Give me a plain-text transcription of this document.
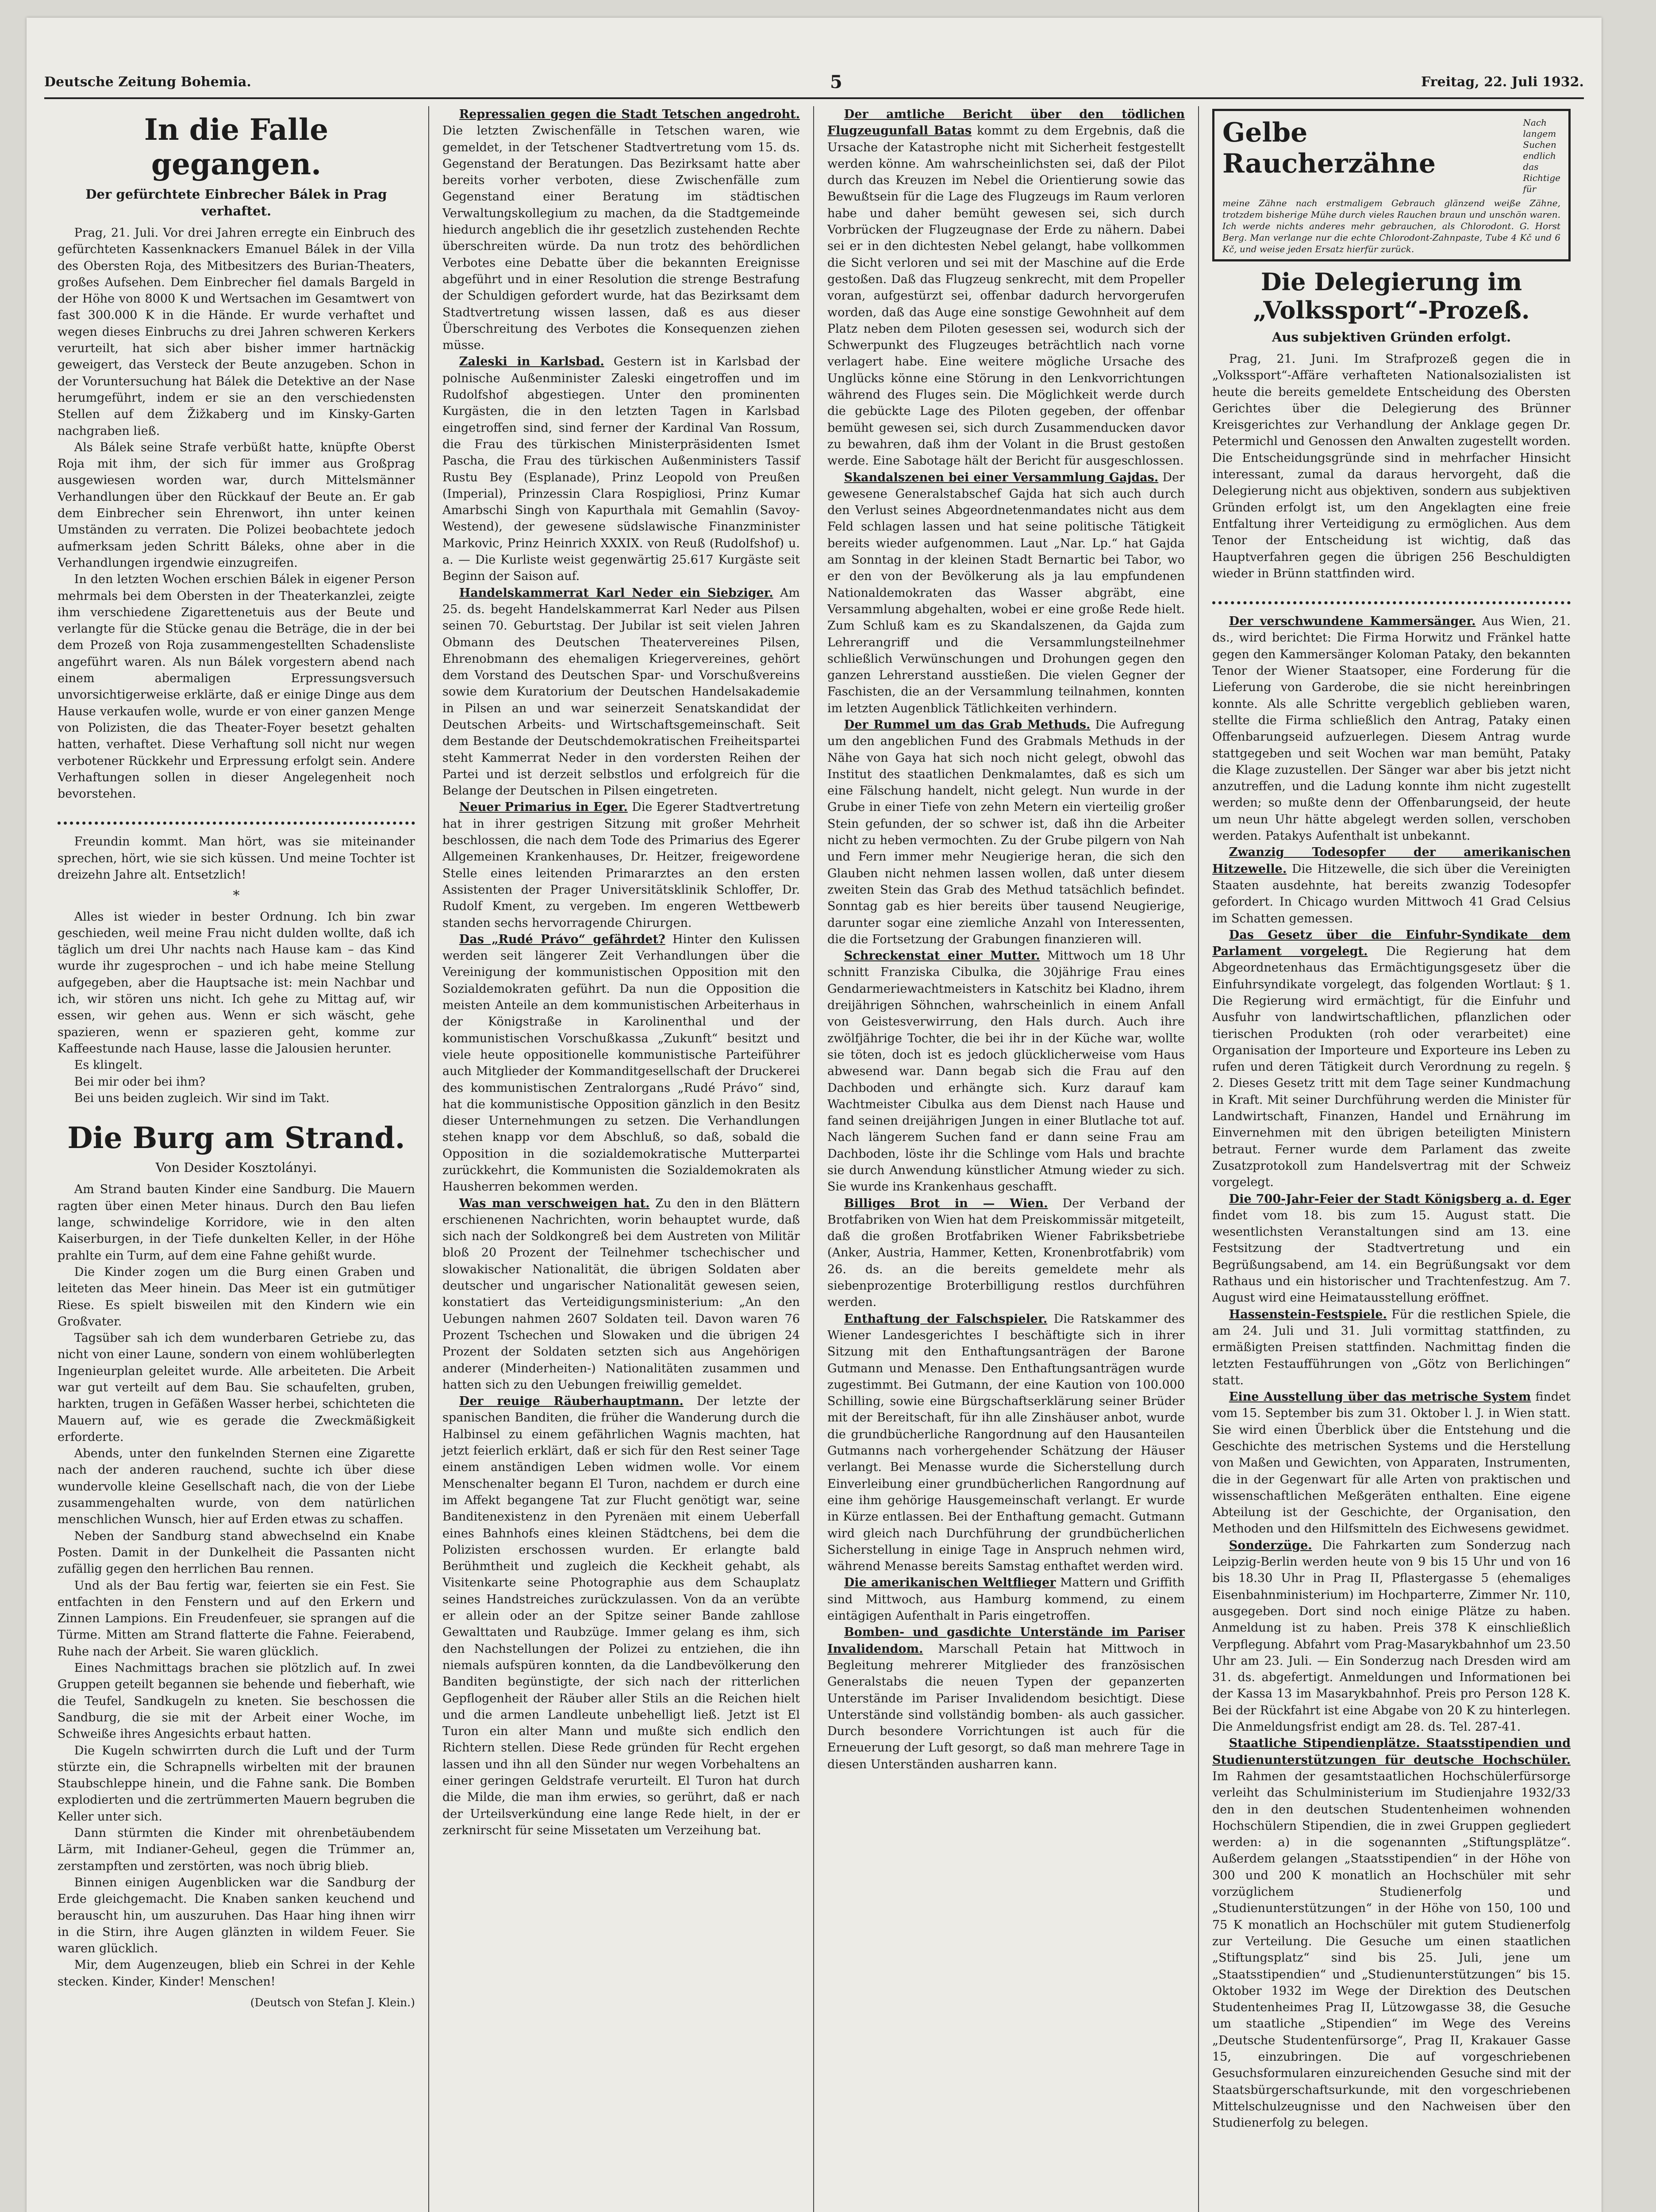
Deutsche Zeitung Bohemia.	5	Freitag, 22. Juli 1932.
In die Falle gegangen.
Der gefürchtete Einbrecher Bálek in Prag verhaftet.

Prag, 21. Juli. Vor drei Jahren erregte ein Einbruch des gefürchteten Kassenknackers Emanuel Bálek in der Villa des Obersten Roja, des Mitbesitzers des Burian-Theaters, großes Aufsehen. Dem Einbrecher fiel damals Bargeld in der Höhe von 8000 K und Wertsachen im Gesamtwert von fast 300.000 K in die Hände. Er wurde verhaftet und wegen dieses Einbruchs zu drei Jahren schweren Kerkers verurteilt, hat sich aber bisher immer hartnäckig geweigert, das Versteck der Beute anzugeben. Schon in der Voruntersuchung hat Bálek die Detektive an der Nase herumgeführt, indem er sie an den verschiedensten Stellen auf dem Žižkaberg und im Kinsky-Garten nachgraben ließ.

Als Bálek seine Strafe verbüßt hatte, knüpfte Oberst Roja mit ihm, der sich für immer aus Großprag ausgewiesen worden war, durch Mittelsmänner Verhandlungen über den Rückkauf der Beute an. Er gab dem Einbrecher sein Ehrenwort, ihn unter keinen Umständen zu verraten. Die Polizei beobachtete jedoch aufmerksam jeden Schritt Báleks, ohne aber in die Verhandlungen irgendwie einzugreifen.

In den letzten Wochen erschien Bálek in eigener Person mehrmals bei dem Obersten in der Theaterkanzlei, zeigte ihm verschiedene Zigarettenetuis aus der Beute und verlangte für die Stücke genau die Beträge, die in der bei dem Prozeß von Roja zusammengestellten Schadensliste angeführt waren. Als nun Bálek vorgestern abend nach einem abermaligen Erpressungsversuch unvorsichtigerweise erklärte, daß er einige Dinge aus dem Hause verkaufen wolle, wurde er von einer ganzen Menge von Polizisten, die das Theater-Foyer besetzt gehalten hatten, verhaftet. Diese Verhaftung soll nicht nur wegen verbotener Rückkehr und Erpressung erfolgt sein. Andere Verhaftungen sollen in dieser Angelegenheit noch bevorstehen.

Freundin kommt. Man hört, was sie miteinander sprechen, hört, wie sie sich küssen. Und meine Tochter ist dreizehn Jahre alt. Entsetzlich!

*

Alles ist wieder in bester Ordnung. Ich bin zwar geschieden, weil meine Frau nicht dulden wollte, daß ich täglich um drei Uhr nachts nach Hause kam – das Kind wurde ihr zugesprochen – und ich habe meine Stellung aufgegeben, aber die Hauptsache ist: mein Nachbar und ich, wir stören uns nicht. Ich gehe zu Mittag auf, wir essen, wir gehen aus. Wenn er sich wäscht, gehe spazieren, wenn er spazieren geht, komme zur Kaffeestunde nach Hause, lasse die Jalousien herunter.

Es klingelt.

Bei mir oder bei ihm?

Bei uns beiden zugleich. Wir sind im Takt.

Die Burg am Strand.
Von Desider Kosztolányi.

Am Strand bauten Kinder eine Sandburg. Die Mauern ragten über einen Meter hinaus. Durch den Bau liefen lange, schwindelige Korridore, wie in den alten Kaiserburgen, in der Tiefe dunkelten Keller, in der Höhe prahlte ein Turm, auf dem eine Fahne gehißt wurde.

Die Kinder zogen um die Burg einen Graben und leiteten das Meer hinein. Das Meer ist ein gutmütiger Riese. Es spielt bisweilen mit den Kindern wie ein Großvater.

Tagsüber sah ich dem wunderbaren Getriebe zu, das nicht von einer Laune, sondern von einem wohlüberlegten Ingenieurplan geleitet wurde. Alle arbeiteten. Die Arbeit war gut verteilt auf dem Bau. Sie schaufelten, gruben, harkten, trugen in Gefäßen Wasser herbei, schichteten die Mauern auf, wie es gerade die Zweckmäßigkeit erforderte.

Abends, unter den funkelnden Sternen eine Zigarette nach der anderen rauchend, suchte ich über diese wundervolle kleine Gesellschaft nach, die von der Liebe zusammengehalten wurde, von dem natürlichen menschlichen Wunsch, hier auf Erden etwas zu schaffen.

Neben der Sandburg stand abwechselnd ein Knabe Posten. Damit in der Dunkelheit die Passanten nicht zufällig gegen den herrlichen Bau rennen.

Und als der Bau fertig war, feierten sie ein Fest. Sie entfachten in den Fenstern und auf den Erkern und Zinnen Lampions. Ein Freudenfeuer, sie sprangen auf die Türme. Mitten am Strand flatterte die Fahne. Feierabend, Ruhe nach der Arbeit. Sie waren glücklich.

Eines Nachmittags brachen sie plötzlich auf. In zwei Gruppen geteilt begannen sie behende und fieberhaft, wie die Teufel, Sandkugeln zu kneten. Sie beschossen die Sandburg, die sie mit der Arbeit einer Woche, im Schweiße ihres Angesichts erbaut hatten.

Die Kugeln schwirrten durch die Luft und der Turm stürzte ein, die Schrapnells wirbelten mit der braunen Staubschleppe hinein, und die Fahne sank. Die Bomben explodierten und die zertrümmerten Mauern begruben die Keller unter sich.

Dann stürmten die Kinder mit ohrenbetäubendem Lärm, mit Indianer-Geheul, gegen die Trümmer an, zerstampften und zerstörten, was noch übrig blieb.

Binnen einigen Augenblicken war die Sandburg der Erde gleichgemacht. Die Knaben sanken keuchend und berauscht hin, um auszuruhen. Das Haar hing ihnen wirr in die Stirn, ihre Augen glänzten in wildem Feuer. Sie waren glücklich.

Mir, dem Augenzeugen, blieb ein Schrei in der Kehle stecken. Kinder, Kinder! Menschen!

(Deutsch von Stefan J. Klein.)

Repressalien gegen die Stadt Tetschen angedroht. Die letzten Zwischenfälle in Tetschen waren, wie gemeldet, in der Tetschener Stadtvertretung vom 15. ds. Gegenstand der Beratungen. Das Bezirksamt hatte aber bereits vorher verboten, diese Zwischenfälle zum Gegenstand einer Beratung im städtischen Verwaltungskollegium zu machen, da die Stadtgemeinde hiedurch angeblich die ihr gesetzlich zustehenden Rechte überschreiten würde. Da nun trotz des behördlichen Verbotes eine Debatte über die bekannten Ereignisse abgeführt und in einer Resolution die strenge Bestrafung der Schuldigen gefordert wurde, hat das Bezirksamt dem Stadtvertretung wissen lassen, daß es aus dieser Überschreitung des Verbotes die Konsequenzen ziehen müsse.

Zaleski in Karlsbad. Gestern ist in Karlsbad der polnische Außenminister Zaleski eingetroffen und im Rudolfshof abgestiegen. Unter den prominenten Kurgästen, die in den letzten Tagen in Karlsbad eingetroffen sind, sind ferner der Kardinal Van Rossum, die Frau des türkischen Ministerpräsidenten Ismet Pascha, die Frau des türkischen Außenministers Tassif Rustu Bey (Esplanade), Prinz Leopold von Preußen (Imperial), Prinzessin Clara Rospigliosi, Prinz Kumar Amarbschi Singh von Kapurthala mit Gemahlin (Savoy-Westend), der gewesene südslawische Finanzminister Markovic, Prinz Heinrich XXXIX. von Reuß (Rudolfshof) u. a. — Die Kurliste weist gegenwärtig 25.617 Kurgäste seit Beginn der Saison auf.

Handelskammerrat Karl Neder ein Siebziger. Am 25. ds. begeht Handelskammerrat Karl Neder aus Pilsen seinen 70. Geburtstag. Der Jubilar ist seit vielen Jahren Obmann des Deutschen Theatervereines Pilsen, Ehrenobmann des ehemaligen Kriegervereines, gehört dem Vorstand des Deutschen Spar- und Vorschußvereins sowie dem Kuratorium der Deutschen Handelsakademie in Pilsen an und war seinerzeit Senatskandidat der Deutschen Arbeits- und Wirtschaftsgemeinschaft. Seit dem Bestande der Deutschdemokratischen Freiheitspartei steht Kammerrat Neder in den vordersten Reihen der Partei und ist derzeit selbstlos und erfolgreich für die Belange der Deutschen in Pilsen eingetreten.

Neuer Primarius in Eger. Die Egerer Stadtvertretung hat in ihrer gestrigen Sitzung mit großer Mehrheit beschlossen, die nach dem Tode des Primarius des Egerer Allgemeinen Krankenhauses, Dr. Heitzer, freigewordene Stelle eines leitenden Primararztes an den ersten Assistenten der Prager Universitätsklinik Schloffer, Dr. Rudolf Kment, zu vergeben. Im engeren Wettbewerb standen sechs hervorragende Chirurgen.

Das „Rudé Právo“ gefährdet? Hinter den Kulissen werden seit längerer Zeit Verhandlungen über die Vereinigung der kommunistischen Opposition mit den Sozialdemokraten geführt. Da nun die Opposition die meisten Anteile an dem kommunistischen Arbeiterhaus in der Königstraße in Karolinenthal und der kommunistischen Vorschußkassa „Zukunft“ besitzt und viele heute oppositionelle kommunistische Parteiführer auch Mitglieder der Kommanditgesellschaft der Druckerei des kommunistischen Zentralorgans „Rudé Právo“ sind, hat die kommunistische Opposition gänzlich in den Besitz dieser Unternehmungen zu setzen. Die Verhandlungen stehen knapp vor dem Abschluß, so daß, sobald die Opposition in die sozialdemokratische Mutterpartei zurückkehrt, die Kommunisten die Sozialdemokraten als Hausherren bekommen werden.

Was man verschweigen hat. Zu den in den Blättern erschienenen Nachrichten, worin behauptet wurde, daß sich nach der Soldkongreß bei dem Austreten von Militär bloß 20 Prozent der Teilnehmer tschechischer und slowakischer Nationalität, die übrigen Soldaten aber deutscher und ungarischer Nationalität gewesen seien, konstatiert das Verteidigungsministerium: „An den Uebungen nahmen 2607 Soldaten teil. Davon waren 76 Prozent Tschechen und Slowaken und die übrigen 24 Prozent der Soldaten setzten sich aus Angehörigen anderer (Minderheiten-) Nationalitäten zusammen und hatten sich zu den Uebungen freiwillig gemeldet.

Der reuige Räuberhauptmann. Der letzte der spanischen Banditen, die früher die Wanderung durch die Halbinsel zu einem gefährlichen Wagnis machten, hat jetzt feierlich erklärt, daß er sich für den Rest seiner Tage einem anständigen Leben widmen wolle. Vor einem Menschenalter begann El Turon, nachdem er durch eine im Affekt begangene Tat zur Flucht genötigt war, seine Banditenexistenz in den Pyrenäen mit einem Ueberfall eines Bahnhofs eines kleinen Städtchens, bei dem die Polizisten erschossen wurden. Er erlangte bald Berühmtheit und zugleich die Keckheit gehabt, als Visitenkarte seine Photographie aus dem Schauplatz seines Handstreiches zurückzulassen. Von da an verübte er allein oder an der Spitze seiner Bande zahllose Gewalttaten und Raubzüge. Immer gelang es ihm, sich den Nachstellungen der Polizei zu entziehen, die ihn niemals aufspüren konnten, da die Landbevölkerung den Banditen begünstigte, der sich nach der ritterlichen Gepflogenheit der Räuber aller Stils an die Reichen hielt und die armen Landleute unbehelligt ließ. Jetzt ist El Turon ein alter Mann und mußte sich endlich den Richtern stellen. Diese Rede gründen für Recht ergehen lassen und ihn all den Sünder nur wegen Vorbehaltens an einer geringen Geldstrafe verurteilt. El Turon hat durch die Milde, die man ihm erwies, so gerührt, daß er nach der Urteilsverkündung eine lange Rede hielt, in der er zerknirscht für seine Missetaten um Verzeihung bat.

Der amtliche Bericht über den tödlichen Flugzeugunfall Batas kommt zu dem Ergebnis, daß die Ursache der Katastrophe nicht mit Sicherheit festgestellt werden könne. Am wahrscheinlichsten sei, daß der Pilot durch das Kreuzen im Nebel die Orientierung sowie das Bewußtsein für die Lage des Flugzeugs im Raum verloren habe und daher bemüht gewesen sei, sich durch Vorbrücken der Flugzeugnase der Erde zu nähern. Dabei sei er in den dichtesten Nebel gelangt, habe vollkommen die Sicht verloren und sei mit der Maschine auf die Erde gestoßen. Daß das Flugzeug senkrecht, mit dem Propeller voran, aufgestürzt sei, offenbar dadurch hervorgerufen worden, daß das Auge eine sonstige Gewohnheit auf dem Platz neben dem Piloten gesessen sei, wodurch sich der Schwerpunkt des Flugzeuges beträchtlich nach vorne verlagert habe. Eine weitere mögliche Ursache des Unglücks könne eine Störung in den Lenkvorrichtungen während des Fluges sein. Die Möglichkeit werde durch die gebückte Lage des Piloten gegeben, der offenbar bemüht gewesen sei, sich durch Zusammenducken davor zu bewahren, daß ihm der Volant in die Brust gestoßen werde. Eine Sabotage hält der Bericht für ausgeschlossen.

Skandalszenen bei einer Versammlung Gajdas. Der gewesene Generalstabschef Gajda hat sich auch durch den Verlust seines Abgeordnetenmandates nicht aus dem Feld schlagen lassen und hat seine politische Tätigkeit bereits wieder aufgenommen. Laut „Nar. Lp.“ hat Gajda am Sonntag in der kleinen Stadt Bernartic bei Tabor, wo er den von der Bevölkerung als ja lau empfundenen Nationaldemokraten das Wasser abgräbt, eine Versammlung abgehalten, wobei er eine große Rede hielt. Zum Schluß kam es zu Skandalszenen, da Gajda zum Lehrerangriff und die Versammlungsteilnehmer schließlich Verwünschungen und Drohungen gegen den ganzen Lehrerstand ausstießen. Die vielen Gegner der Faschisten, die an der Versammlung teilnahmen, konnten im letzten Augenblick Tätlichkeiten verhindern.

Der Rummel um das Grab Methuds. Die Aufregung um den angeblichen Fund des Grabmals Methuds in der Nähe von Gaya hat sich noch nicht gelegt, obwohl das Institut des staatlichen Denkmalamtes, daß es sich um eine Fälschung handelt, nicht gelegt. Nun wurde in der Grube in einer Tiefe von zehn Metern ein vierteilig großer Stein gefunden, der so schwer ist, daß ihn die Arbeiter nicht zu heben vermochten. Zu der Grube pilgern von Nah und Fern immer mehr Neugierige heran, die sich den Glauben nicht nehmen lassen wollen, daß unter diesem zweiten Stein das Grab des Methud tatsächlich befindet. Sonntag gab es hier bereits über tausend Neugierige, darunter sogar eine ziemliche Anzahl von Interessenten, die die Fortsetzung der Grabungen finanzieren will.

Schreckenstat einer Mutter. Mittwoch um 18 Uhr schnitt Franziska Cibulka, die 30jährige Frau eines Gendarmeriewachtmeisters in Katschitz bei Kladno, ihrem dreijährigen Söhnchen, wahrscheinlich in einem Anfall von Geistesverwirrung, den Hals durch. Auch ihre zwölfjährige Tochter, die bei ihr in der Küche war, wollte sie töten, doch ist es jedoch glücklicherweise vom Haus abwesend war. Dann begab sich die Frau auf den Dachboden und erhängte sich. Kurz darauf kam Wachtmeister Cibulka aus dem Dienst nach Hause und fand seinen dreijährigen Jungen in einer Blutlache tot auf. Nach längerem Suchen fand er dann seine Frau am Dachboden, löste ihr die Schlinge vom Hals und brachte sie durch Anwendung künstlicher Atmung wieder zu sich. Sie wurde ins Krankenhaus geschafft.

Billiges Brot in — Wien. Der Verband der Brotfabriken von Wien hat dem Preiskommissär mitgeteilt, daß die großen Brotfabriken Wiener Fabriksbetriebe (Anker, Austria, Hammer, Ketten, Kronenbrotfabrik) vom 26. ds. an die bereits gemeldete mehr als siebenprozentige Broterbilligung restlos durchführen werden.

Enthaftung der Falschspieler. Die Ratskammer des Wiener Landesgerichtes I beschäftigte sich in ihrer Sitzung mit den Enthaftungsanträgen der Barone Gutmann und Menasse. Den Enthaftungsanträgen wurde zugestimmt. Bei Gutmann, der eine Kaution von 100.000 Schilling, sowie eine Bürgschaftserklärung seiner Brüder mit der Bereitschaft, für ihn alle Zinshäuser anbot, wurde die grundbücherliche Rangordnung auf den Hausanteilen Gutmanns nach vorhergehender Schätzung der Häuser verlangt. Bei Menasse wurde die Sicherstellung durch Einverleibung einer grundbücherlichen Rangordnung auf eine ihm gehörige Hausgemeinschaft verlangt. Er wurde in Kürze entlassen. Bei der Enthaftung gemacht. Gutmann wird gleich nach Durchführung der grundbücherlichen Sicherstellung in einige Tage in Anspruch nehmen wird, während Menasse bereits Samstag enthaftet werden wird.

Die amerikanischen Weltflieger Mattern und Griffith sind Mittwoch, aus Hamburg kommend, zu einem eintägigen Aufenthalt in Paris eingetroffen.

Bomben- und gasdichte Unterstände im Pariser Invalidendom. Marschall Petain hat Mittwoch in Begleitung mehrerer Mitglieder des französischen Generalstabs die neuen Typen der gepanzerten Unterstände im Pariser Invalidendom besichtigt. Diese Unterstände sind vollständig bomben- als auch gassicher. Durch besondere Vorrichtungen ist auch für die Erneuerung der Luft gesorgt, so daß man mehrere Tage in diesen Unterständen ausharren kann.

Gelbe Raucherzähne
Nach langem Suchen endlich das Richtige für
meine Zähne nach erstmaligem Gebrauch glänzend weiße Zähne, trotzdem bisherige Mühe durch vieles Rauchen braun und unschön waren. Ich werde nichts anderes mehr gebrauchen, als Chlorodont. G. Horst Berg. Man verlange nur die echte Chlorodont-Zahnpaste, Tube 4 Kč und 6 Kč, und weise jeden Ersatz hierfür zurück.
Die Delegierung im „Volkssport“-Prozeß.
Aus subjektiven Gründen erfolgt.

Prag, 21. Juni. Im Strafprozeß gegen die in „Volkssport“-Affäre verhafteten Nationalsozialisten ist heute die bereits gemeldete Entscheidung des Obersten Gerichtes über die Delegierung des Brünner Kreisgerichtes zur Verhandlung der Anklage gegen Dr. Petermichl und Genossen den Anwalten zugestellt worden. Die Entscheidungsgründe sind in mehrfacher Hinsicht interessant, zumal da daraus hervorgeht, daß die Delegierung nicht aus objektiven, sondern aus subjektiven Gründen erfolgt ist, um den Angeklagten eine freie Entfaltung ihrer Verteidigung zu ermöglichen. Aus dem Tenor der Entscheidung ist wichtig, daß das Hauptverfahren gegen die übrigen 256 Beschuldigten wieder in Brünn stattfinden wird.

Der verschwundene Kammersänger. Aus Wien, 21. ds., wird berichtet: Die Firma Horwitz und Fränkel hatte gegen den Kammersänger Koloman Pataky, den bekannten Tenor der Wiener Staatsoper, eine Forderung für die Lieferung von Garderobe, die sie nicht hereinbringen konnte. Als alle Schritte vergeblich geblieben waren, stellte die Firma schließlich den Antrag, Pataky einen Offenbarungseid aufzuerlegen. Diesem Antrag wurde stattgegeben und seit Wochen war man bemüht, Pataky die Klage zuzustellen. Der Sänger war aber bis jetzt nicht anzutreffen, und die Ladung konnte ihm nicht zugestellt werden; so mußte denn der Offenbarungseid, der heute um neun Uhr hätte abgelegt werden sollen, verschoben werden. Patakys Aufenthalt ist unbekannt.

Zwanzig Todesopfer der amerikanischen Hitzewelle. Die Hitzewelle, die sich über die Vereinigten Staaten ausdehnte, hat bereits zwanzig Todesopfer gefordert. In Chicago wurden Mittwoch 41 Grad Celsius im Schatten gemessen.

Das Gesetz über die Einfuhr-Syndikate dem Parlament vorgelegt. Die Regierung hat dem Abgeordnetenhaus das Ermächtigungsgesetz über die Einfuhrsyndikate vorgelegt, das folgenden Wortlaut: § 1. Die Regierung wird ermächtigt, für die Einfuhr und Ausfuhr von landwirtschaftlichen, pflanzlichen oder tierischen Produkten (roh oder verarbeitet) eine Organisation der Importeure und Exporteure ins Leben zu rufen und deren Tätigkeit durch Verordnung zu regeln. § 2. Dieses Gesetz tritt mit dem Tage seiner Kundmachung in Kraft. Mit seiner Durchführung werden die Minister für Landwirtschaft, Finanzen, Handel und Ernährung im Einvernehmen mit den übrigen beteiligten Ministern betraut. Ferner wurde dem Parlament das zweite Zusatzprotokoll zum Handelsvertrag mit der Schweiz vorgelegt.

Die 700-Jahr-Feier der Stadt Königsberg a. d. Eger findet vom 18. bis zum 15. August statt. Die wesentlichsten Veranstaltungen sind am 13. eine Festsitzung der Stadtvertretung und ein Begrüßungsabend, am 14. ein Begrüßungsakt vor dem Rathaus und ein historischer und Trachtenfestzug. Am 7. August wird eine Heimatausstellung eröffnet.

Hassenstein-Festspiele. Für die restlichen Spiele, die am 24. Juli und 31. Juli vormittag stattfinden, zu ermäßigten Preisen stattfinden. Nachmittag finden die letzten Festaufführungen von „Götz von Berlichingen“ statt.

Eine Ausstellung über das metrische System findet vom 15. September bis zum 31. Oktober l. J. in Wien statt. Sie wird einen Überblick über die Entstehung und die Geschichte des metrischen Systems und die Herstellung von Maßen und Gewichten, von Apparaten, Instrumenten, die in der Gegenwart für alle Arten von praktischen und wissenschaftlichen Meßgeräten enthalten. Eine eigene Abteilung ist der Geschichte, der Organisation, den Methoden und den Hilfsmitteln des Eichwesens gewidmet.

Sonderzüge. Die Fahrkarten zum Sonderzug nach Leipzig-Berlin werden heute von 9 bis 15 Uhr und von 16 bis 18.30 Uhr in Prag II, Pflastergasse 5 (ehemaliges Eisenbahnministerium) im Hochparterre, Zimmer Nr. 110, ausgegeben. Dort sind noch einige Plätze zu haben. Anmeldung ist zu haben. Preis 378 K einschließlich Verpflegung. Abfahrt vom Prag-Masarykbahnhof um 23.50 Uhr am 23. Juli. — Ein Sonderzug nach Dresden wird am 31. ds. abgefertigt. Anmeldungen und Informationen bei der Kassa 13 im Masarykbahnhof. Preis pro Person 128 K. Bei der Rückfahrt ist eine Abgabe von 20 K zu hinterlegen. Die Anmeldungsfrist endigt am 28. ds. Tel. 287-41.

Staatliche Stipendienplätze. Staatsstipendien und Studienunterstützungen für deutsche Hochschüler. Im Rahmen der gesamtstaatlichen Hochschülerfürsorge verleiht das Schulministerium im Studienjahre 1932/33 den in den deutschen Studentenheimen wohnenden Hochschülern Stipendien, die in zwei Gruppen gegliedert werden: a) in die sogenannten „Stiftungsplätze“. Außerdem gelangen „Staatsstipendien“ in der Höhe von 300 und 200 K monatlich an Hochschüler mit sehr vorzüglichem Studienerfolg und „Studienunterstützungen“ in der Höhe von 150, 100 und 75 K monatlich an Hochschüler mit gutem Studienerfolg zur Verteilung. Die Gesuche um einen staatlichen „Stiftungsplatz“ sind bis 25. Juli, jene um „Staatsstipendien“ und „Studienunterstützungen“ bis 15. Oktober 1932 im Wege der Direktion des Deutschen Studentenheimes Prag II, Lützowgasse 38, die Gesuche um staatliche „Stipendien“ im Wege des Vereins „Deutsche Studentenfürsorge“, Prag II, Krakauer Gasse 15, einzubringen. Die auf vorgeschriebenen Gesuchsformularen einzureichenden Gesuche sind mit der Staatsbürgerschaftsurkunde, mit den vorgeschriebenen Mittelschulzeugnisse und den Nachweisen über den Studienerfolg zu belegen.
